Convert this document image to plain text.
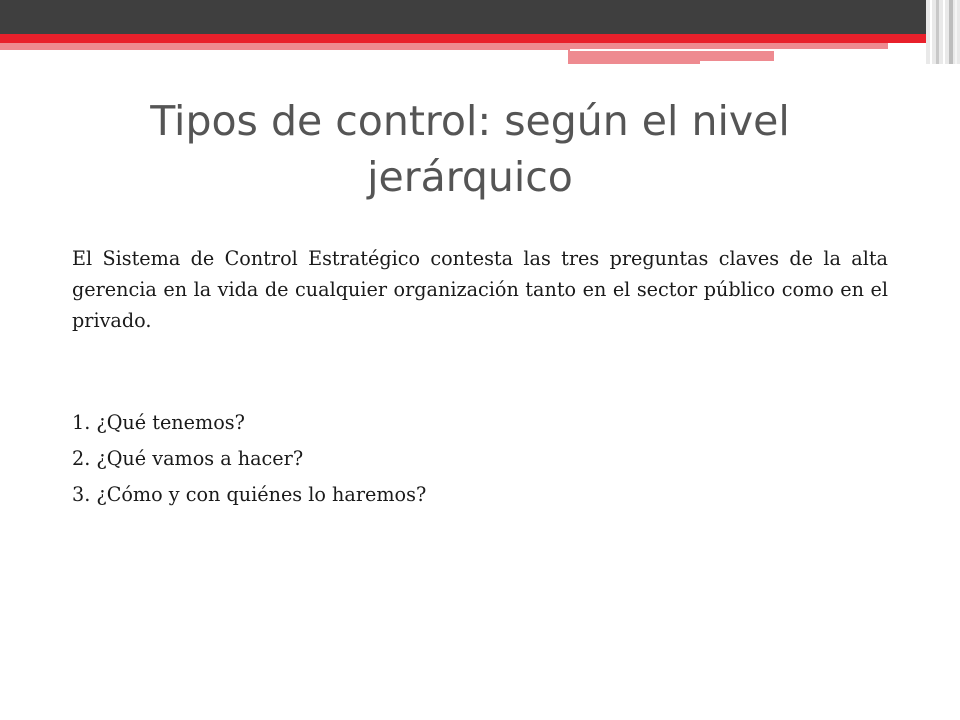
Tipos de control: según el nivel jerárquico

El Sistema de Control Estratégico contesta las tres preguntas claves de la alta gerencia en la vida de cualquier organización tanto en el sector público como en el privado.

1. ¿Qué tenemos?
2. ¿Qué vamos a hacer?
3. ¿Cómo y con quiénes lo haremos?
